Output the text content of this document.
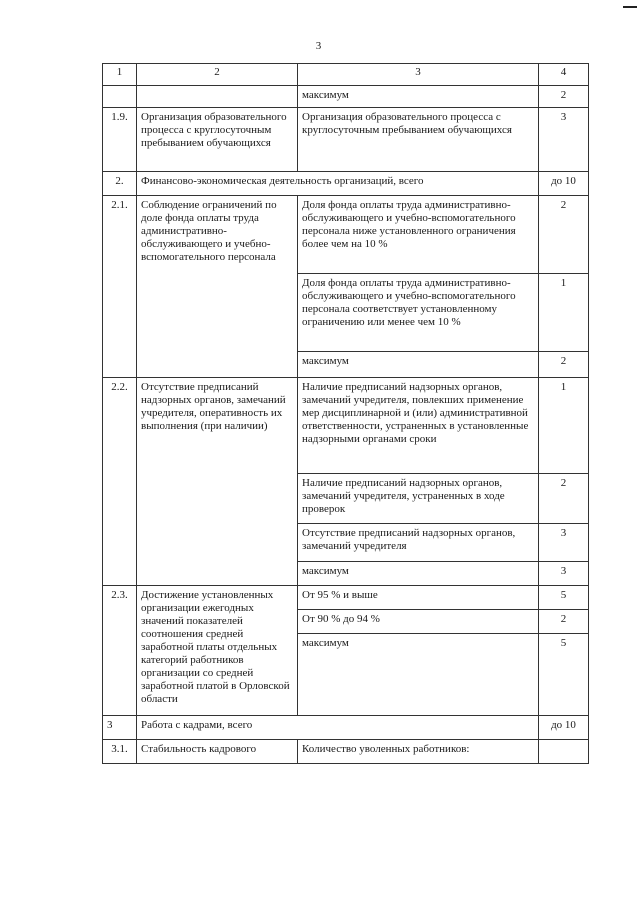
3
1	2	3	4
		максимум	2
1.9.	Организация образовательного процесса с круглосуточным пребыванием обучающихся	Организация образовательного процесса с круглосуточным пребыванием обучающихся	3
2.	Финансово-экономическая деятельность организаций, всего		до 10
2.1.	Соблюдение ограничений по доле фонда оплаты труда административно-обслуживающего и учебно-вспомогательного персонала	Доля фонда оплаты труда административно-обслуживающего и учебно-вспомогательного персонала ниже установленного ограничения более чем на 10 %	2
		Доля фонда оплаты труда административно-обслуживающего и учебно-вспомогательного персонала соответствует установленному ограничению или менее чем 10 %	1
		максимум	2
2.2.	Отсутствие предписаний надзорных органов, замечаний учредителя, оперативность их выполнения (при наличии)	Наличие предписаний надзорных органов, замечаний учредителя, повлекших применение мер дисциплинарной и (или) административной ответственности, устраненных в установленные надзорными органами сроки	1
		Наличие предписаний надзорных органов, замечаний учредителя, устраненных в ходе проверок	2
		Отсутствие предписаний надзорных органов, замечаний учредителя	3
		максимум	3
2.3.	Достижение установленных организации ежегодных значений показателей соотношения средней заработной платы отдельных категорий работников организации со средней заработной платой в Орловской области	От 95 % и выше	5
		От 90 % до 94 %	2
		максимум	5
3	Работа с кадрами, всего		до 10
3.1.	Стабильность кадрового	Количество уволенных работников:	
